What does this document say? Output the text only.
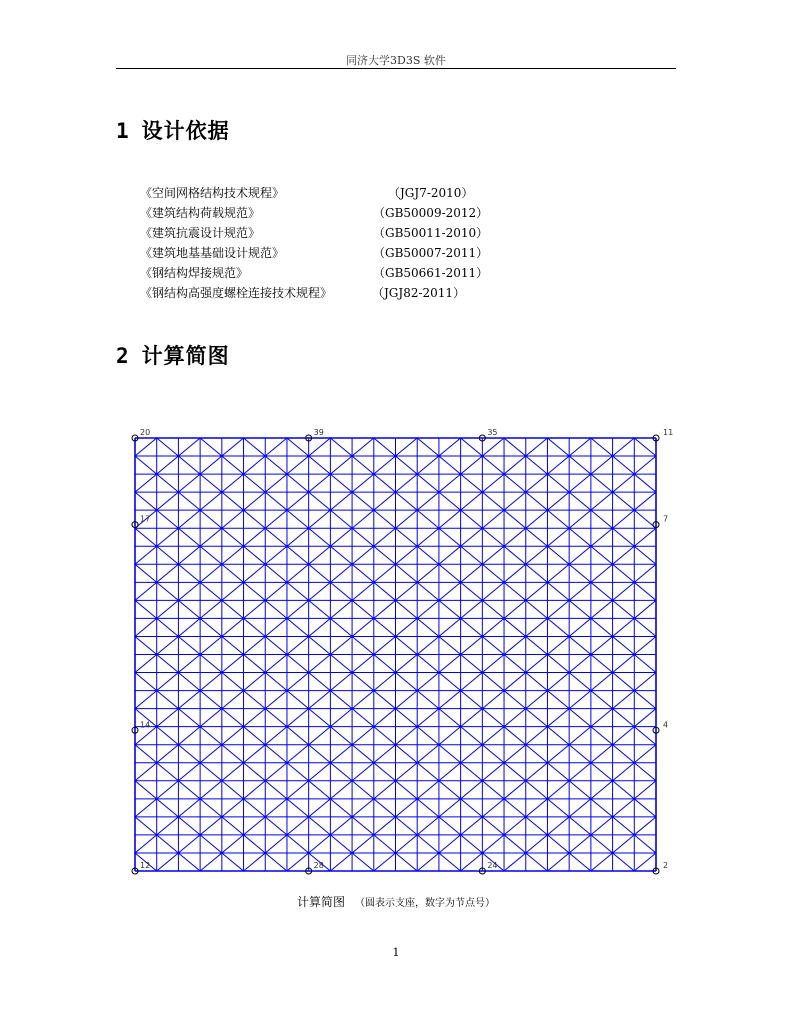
同济大学3D3S 软件
1 设计依据
《空间网格结构技术规程》	（JGJ7-2010）
《建筑结构荷载规范》	（GB50009-2012）
《建筑抗震设计规范》	（GB50011-2010）
《建筑地基基础设计规范》	（GB50007-2011）
《钢结构焊接规范》	（GB50661-2011）
《钢结构高强度螺栓连接技术规程》	（JGJ82-2011）
2 计算简图
20	39	35	11
17	7
14	4
12	28	24	2
计算简图 （圆表示支座，数字为节点号）
1
